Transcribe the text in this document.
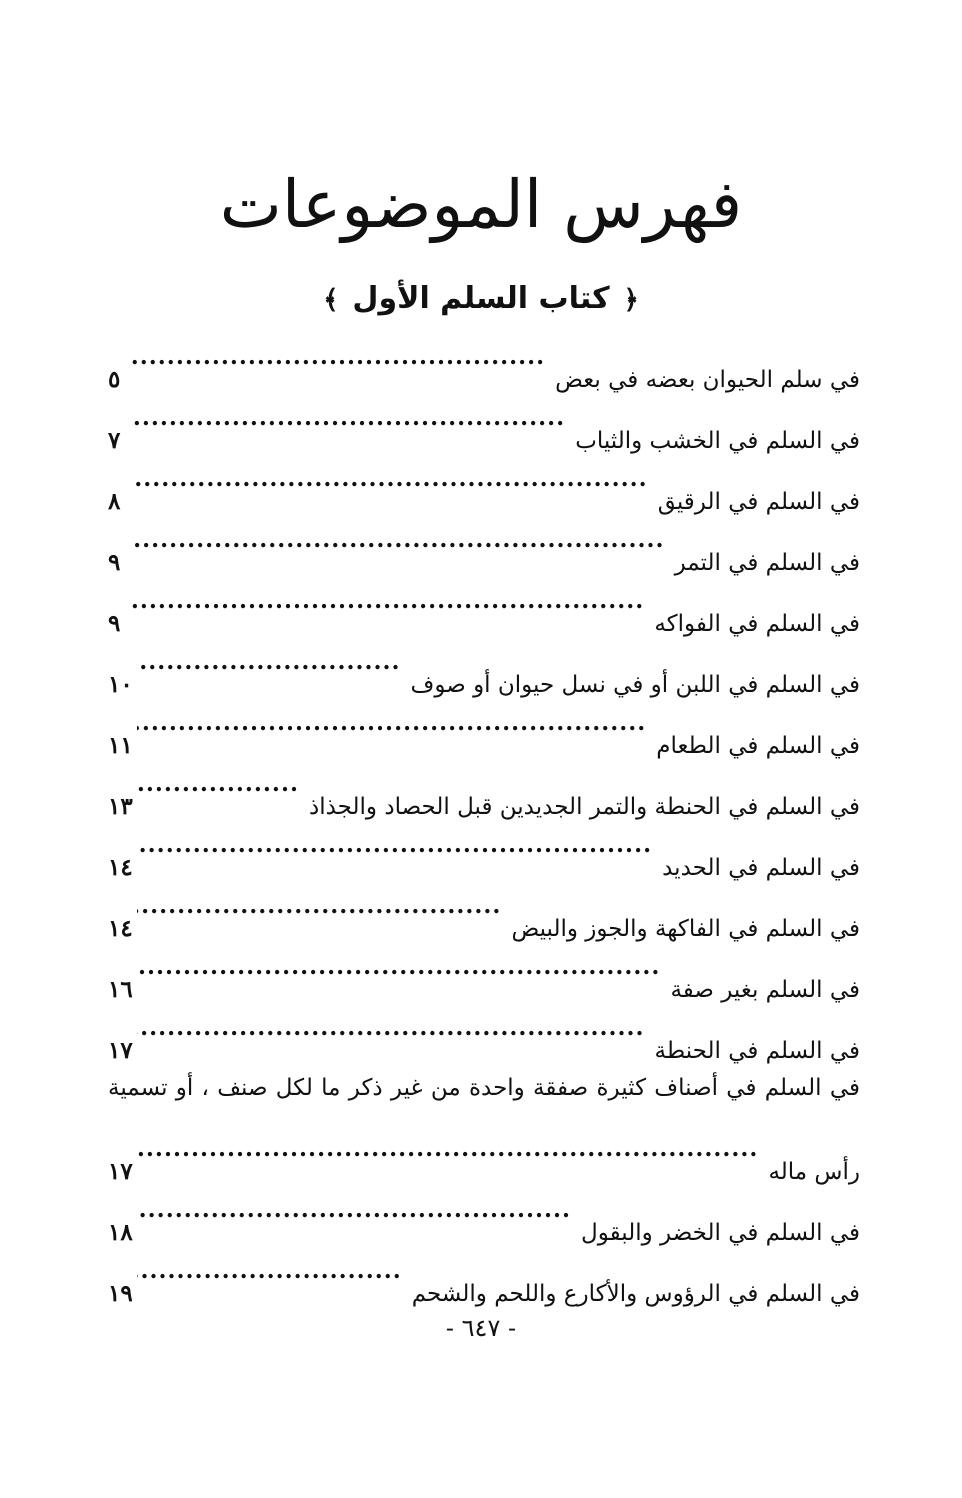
فهرس الموضوعات
﴿كتاب السلم الأول﴾
في سلم الحيوان بعضه في بعض
.....
٥
في السلم في الخشب والثياب
.....
٧
في السلم في الرقيق
.....
٨
في السلم في التمر
.....
٩
في السلم في الفواكه
.....
٩
في السلم في اللبن أو في نسل حيوان أو صوف
.....
١٠
في السلم في الطعام
.....
١١
في السلم في الحنطة والتمر الجديدين قبل الحصاد والجذاذ
.....
١٣
في السلم في الحديد
.....
١٤
في السلم في الفاكهة والجوز والبيض
.....
١٤
في السلم بغير صفة
.....
١٦
في السلم في الحنطة
.....
١٧
في السلم في أصناف كثيرة صفقة واحدة من غير ذكر ما لكل صنف ، أو تسمية
رأس ماله
.....
١٧
في السلم في الخضر والبقول
.....
١٨
في السلم في الرؤوس والأكارع واللحم والشحم
.....
١٩
- ٦٤٧ -
